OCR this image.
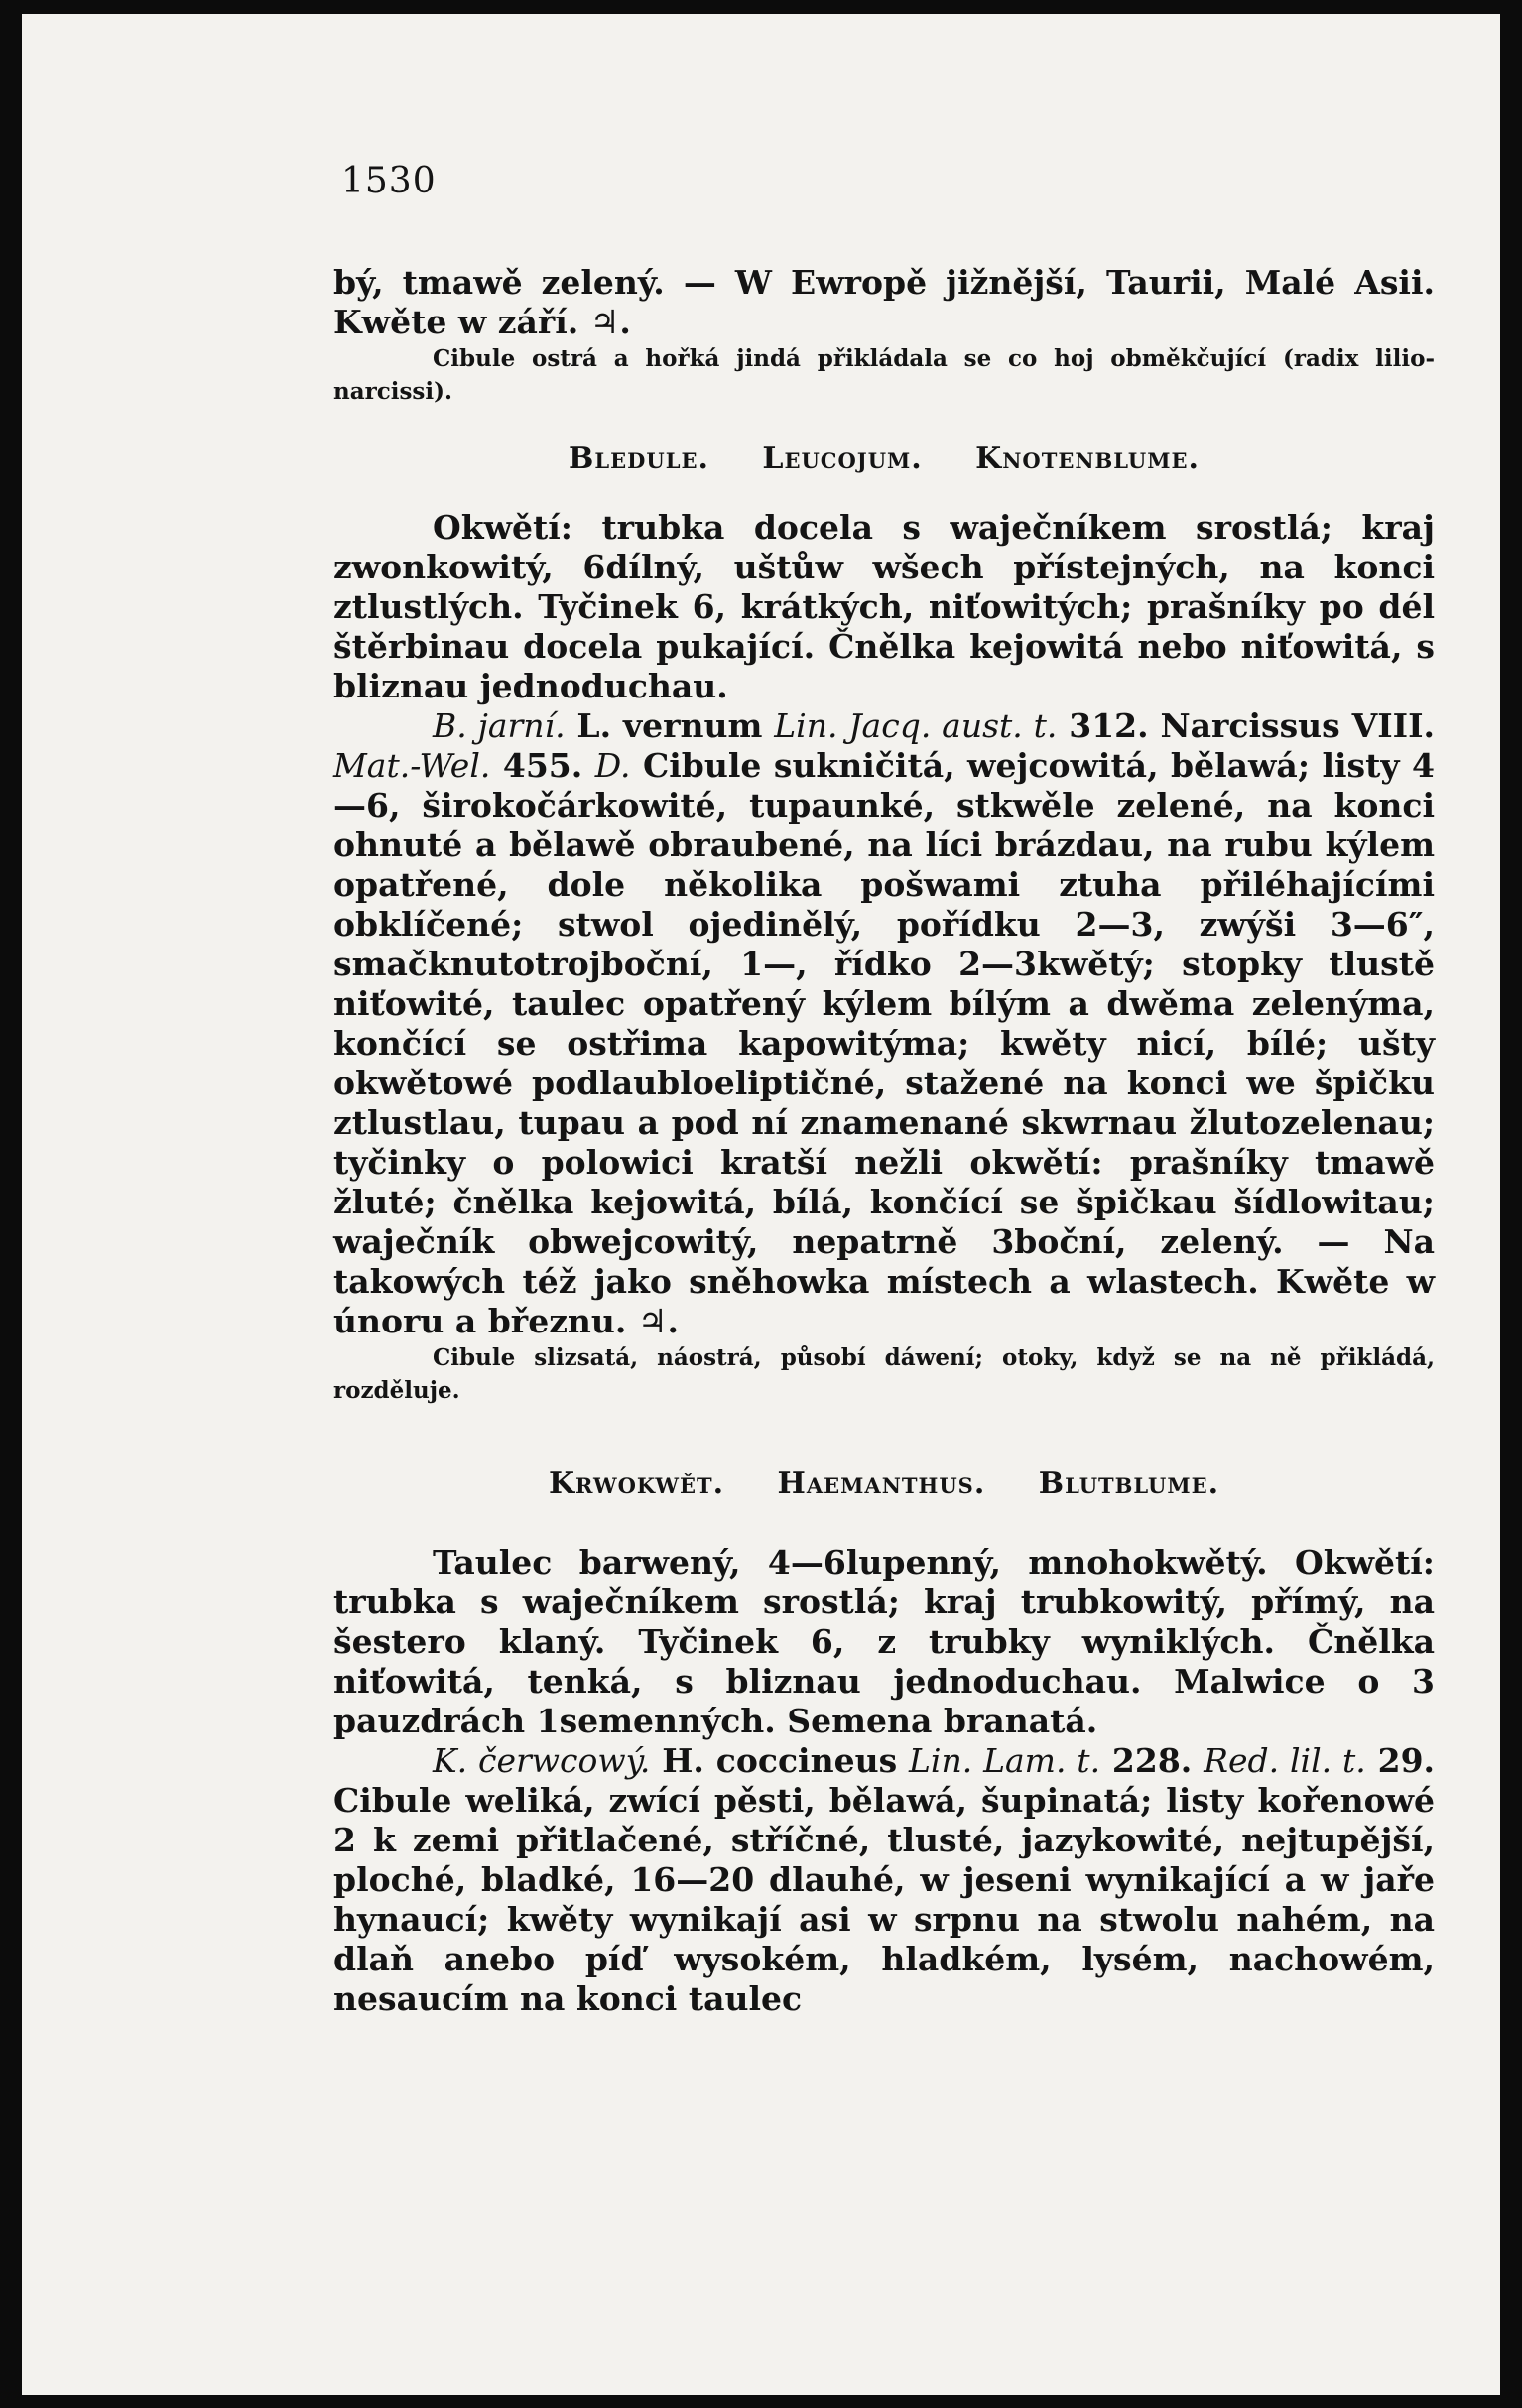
1530

bý, tmawě zelený. — W Ewropě jižnější, Taurii, Malé Asii. Kwěte w září. ♃.

Cibule ostrá a hořká jindá přikládala se co hoj obměkčující (radix lilio-narcissi).

Bledule. Leucojum. Knotenblume.

Okwětí: trubka docela s waječníkem srostlá; kraj zwonkowitý, 6dílný, uštůw wšech přístejných, na konci ztlustlých. Tyčinek 6, krátkých, niťowitých; prašníky po dél štěrbinau docela pukající. Čnělka kejowitá nebo niťowitá, s bliznau jednoduchau.

B. jarní. L. vernum Lin. Jacq. aust. t. 312. Narcissus VIII. Mat.-Wel. 455. D. Cibule sukničitá, wejcowitá, bělawá; listy 4—6, širokočárkowité, tupaunké, stkwěle zelené, na konci ohnuté a bělawě obraubené, na líci brázdau, na rubu kýlem opatřené, dole několika pošwami ztuha přiléhajícími obklíčené; stwol ojedinělý, pořídku 2—3, zwýši 3—6″, smačknutotrojboční, 1—, řídko 2—3kwětý; stopky tlustě niťowité, taulec opatřený kýlem bílým a dwěma zelenýma, končící se ostřima kapowitýma; kwěty nicí, bílé; ušty okwětowé podlaubloeliptičné, stažené na konci we špičku ztlustlau, tupau a pod ní znamenané skwrnau žlutozelenau; tyčinky o polowici kratší nežli okwětí: prašníky tmawě žluté; čnělka kejowitá, bílá, končící se špičkau šídlowitau; waječník obwejcowitý, nepatrně 3boční, zelený. — Na takowých též jako sněhowka místech a wlastech. Kwěte w únoru a březnu. ♃.

Cibule slizsatá, náostrá, působí dáwení; otoky, když se na ně přikládá, rozděluje.

Krwokwět. Haemanthus. Blutblume.

Taulec barwený, 4—6lupenný, mnohokwětý. Okwětí: trubka s waječníkem srostlá; kraj trubkowitý, přímý, na šestero klaný. Tyčinek 6, z trubky wyniklých. Čnělka niťowitá, tenká, s bliznau jednoduchau. Malwice o 3 pauzdrách 1semenných. Semena branatá.

K. čerwcowý. H. coccineus Lin. Lam. t. 228. Red. lil. t. 29. Cibule weliká, zwící pěsti, bělawá, šupinatá; listy kořenowé 2 k zemi přitlačené, stříčné, tlusté, jazykowité, nejtupější, ploché, bladké, 16—20 dlauhé, w jeseni wynikající a w jaře hynaucí; kwěty wynikají asi w srpnu na stwolu nahém, na dlaň anebo píď wysokém, hladkém, lysém, nachowém, nesaucím na konci taulec
